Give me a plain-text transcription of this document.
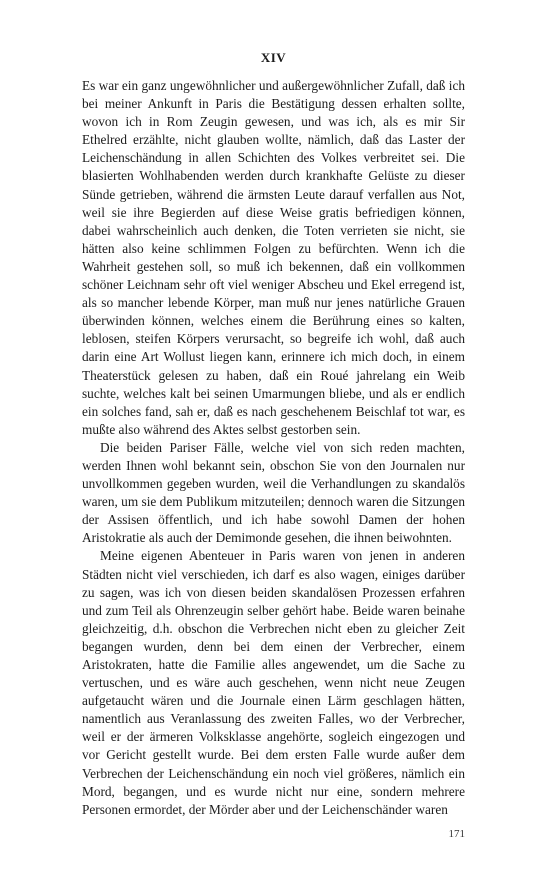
XIV

Es war ein ganz ungewöhnlicher und außergewöhnlicher Zufall, daß ich bei meiner Ankunft in Paris die Bestätigung dessen erhalten sollte, wovon ich in Rom Zeugin gewesen, und was ich, als es mir Sir Ethelred erzählte, nicht glauben wollte, nämlich, daß das Laster der Leichenschändung in allen Schichten des Volkes verbreitet sei. Die blasierten Wohlhabenden werden durch krankhafte Gelüste zu dieser Sünde getrieben, während die ärmsten Leute darauf verfallen aus Not, weil sie ihre Begierden auf diese Weise gratis befriedigen können, dabei wahrscheinlich auch denken, die Toten verrieten sie nicht, sie hätten also keine schlimmen Folgen zu befürchten. Wenn ich die Wahrheit gestehen soll, so muß ich bekennen, daß ein vollkommen schöner Leichnam sehr oft viel weniger Abscheu und Ekel erregend ist, als so mancher lebende Körper, man muß nur jenes natürliche Grauen überwinden können, welches einem die Berührung eines so kalten, leblosen, steifen Körpers verursacht, so begreife ich wohl, daß auch darin eine Art Wollust liegen kann, erinnere ich mich doch, in einem Theaterstück gelesen zu haben, daß ein Roué jahrelang ein Weib suchte, welches kalt bei seinen Umarmungen bliebe, und als er endlich ein solches fand, sah er, daß es nach geschehenem Beischlaf tot war, es mußte also während des Aktes selbst gestorben sein.

Die beiden Pariser Fälle, welche viel von sich reden machten, werden Ihnen wohl bekannt sein, obschon Sie von den Journalen nur unvollkommen gegeben wurden, weil die Verhandlungen zu skandalös waren, um sie dem Publikum mitzuteilen; dennoch waren die Sitzungen der Assisen öffentlich, und ich habe sowohl Damen der hohen Aristokratie als auch der Demimonde gesehen, die ihnen beiwohnten.

Meine eigenen Abenteuer in Paris waren von jenen in anderen Städten nicht viel verschieden, ich darf es also wagen, einiges darüber zu sagen, was ich von diesen beiden skandalösen Prozessen erfahren und zum Teil als Ohrenzeugin selber gehört habe. Beide waren beinahe gleichzeitig, d.h. obschon die Verbrechen nicht eben zu gleicher Zeit begangen wurden, denn bei dem einen der Verbrecher, einem Aristokraten, hatte die Familie alles angewendet, um die Sache zu vertuschen, und es wäre auch geschehen, wenn nicht neue Zeugen aufgetaucht wären und die Journale einen Lärm geschlagen hätten, namentlich aus Veranlassung des zweiten Falles, wo der Verbrecher, weil er der ärmeren Volksklasse angehörte, sogleich eingezogen und vor Gericht gestellt wurde. Bei dem ersten Falle wurde außer dem Verbrechen der Leichenschändung ein noch viel größeres, nämlich ein Mord, begangen, und es wurde nicht nur eine, sondern mehrere Personen ermordet, der Mörder aber und der Leichenschänder waren

171
